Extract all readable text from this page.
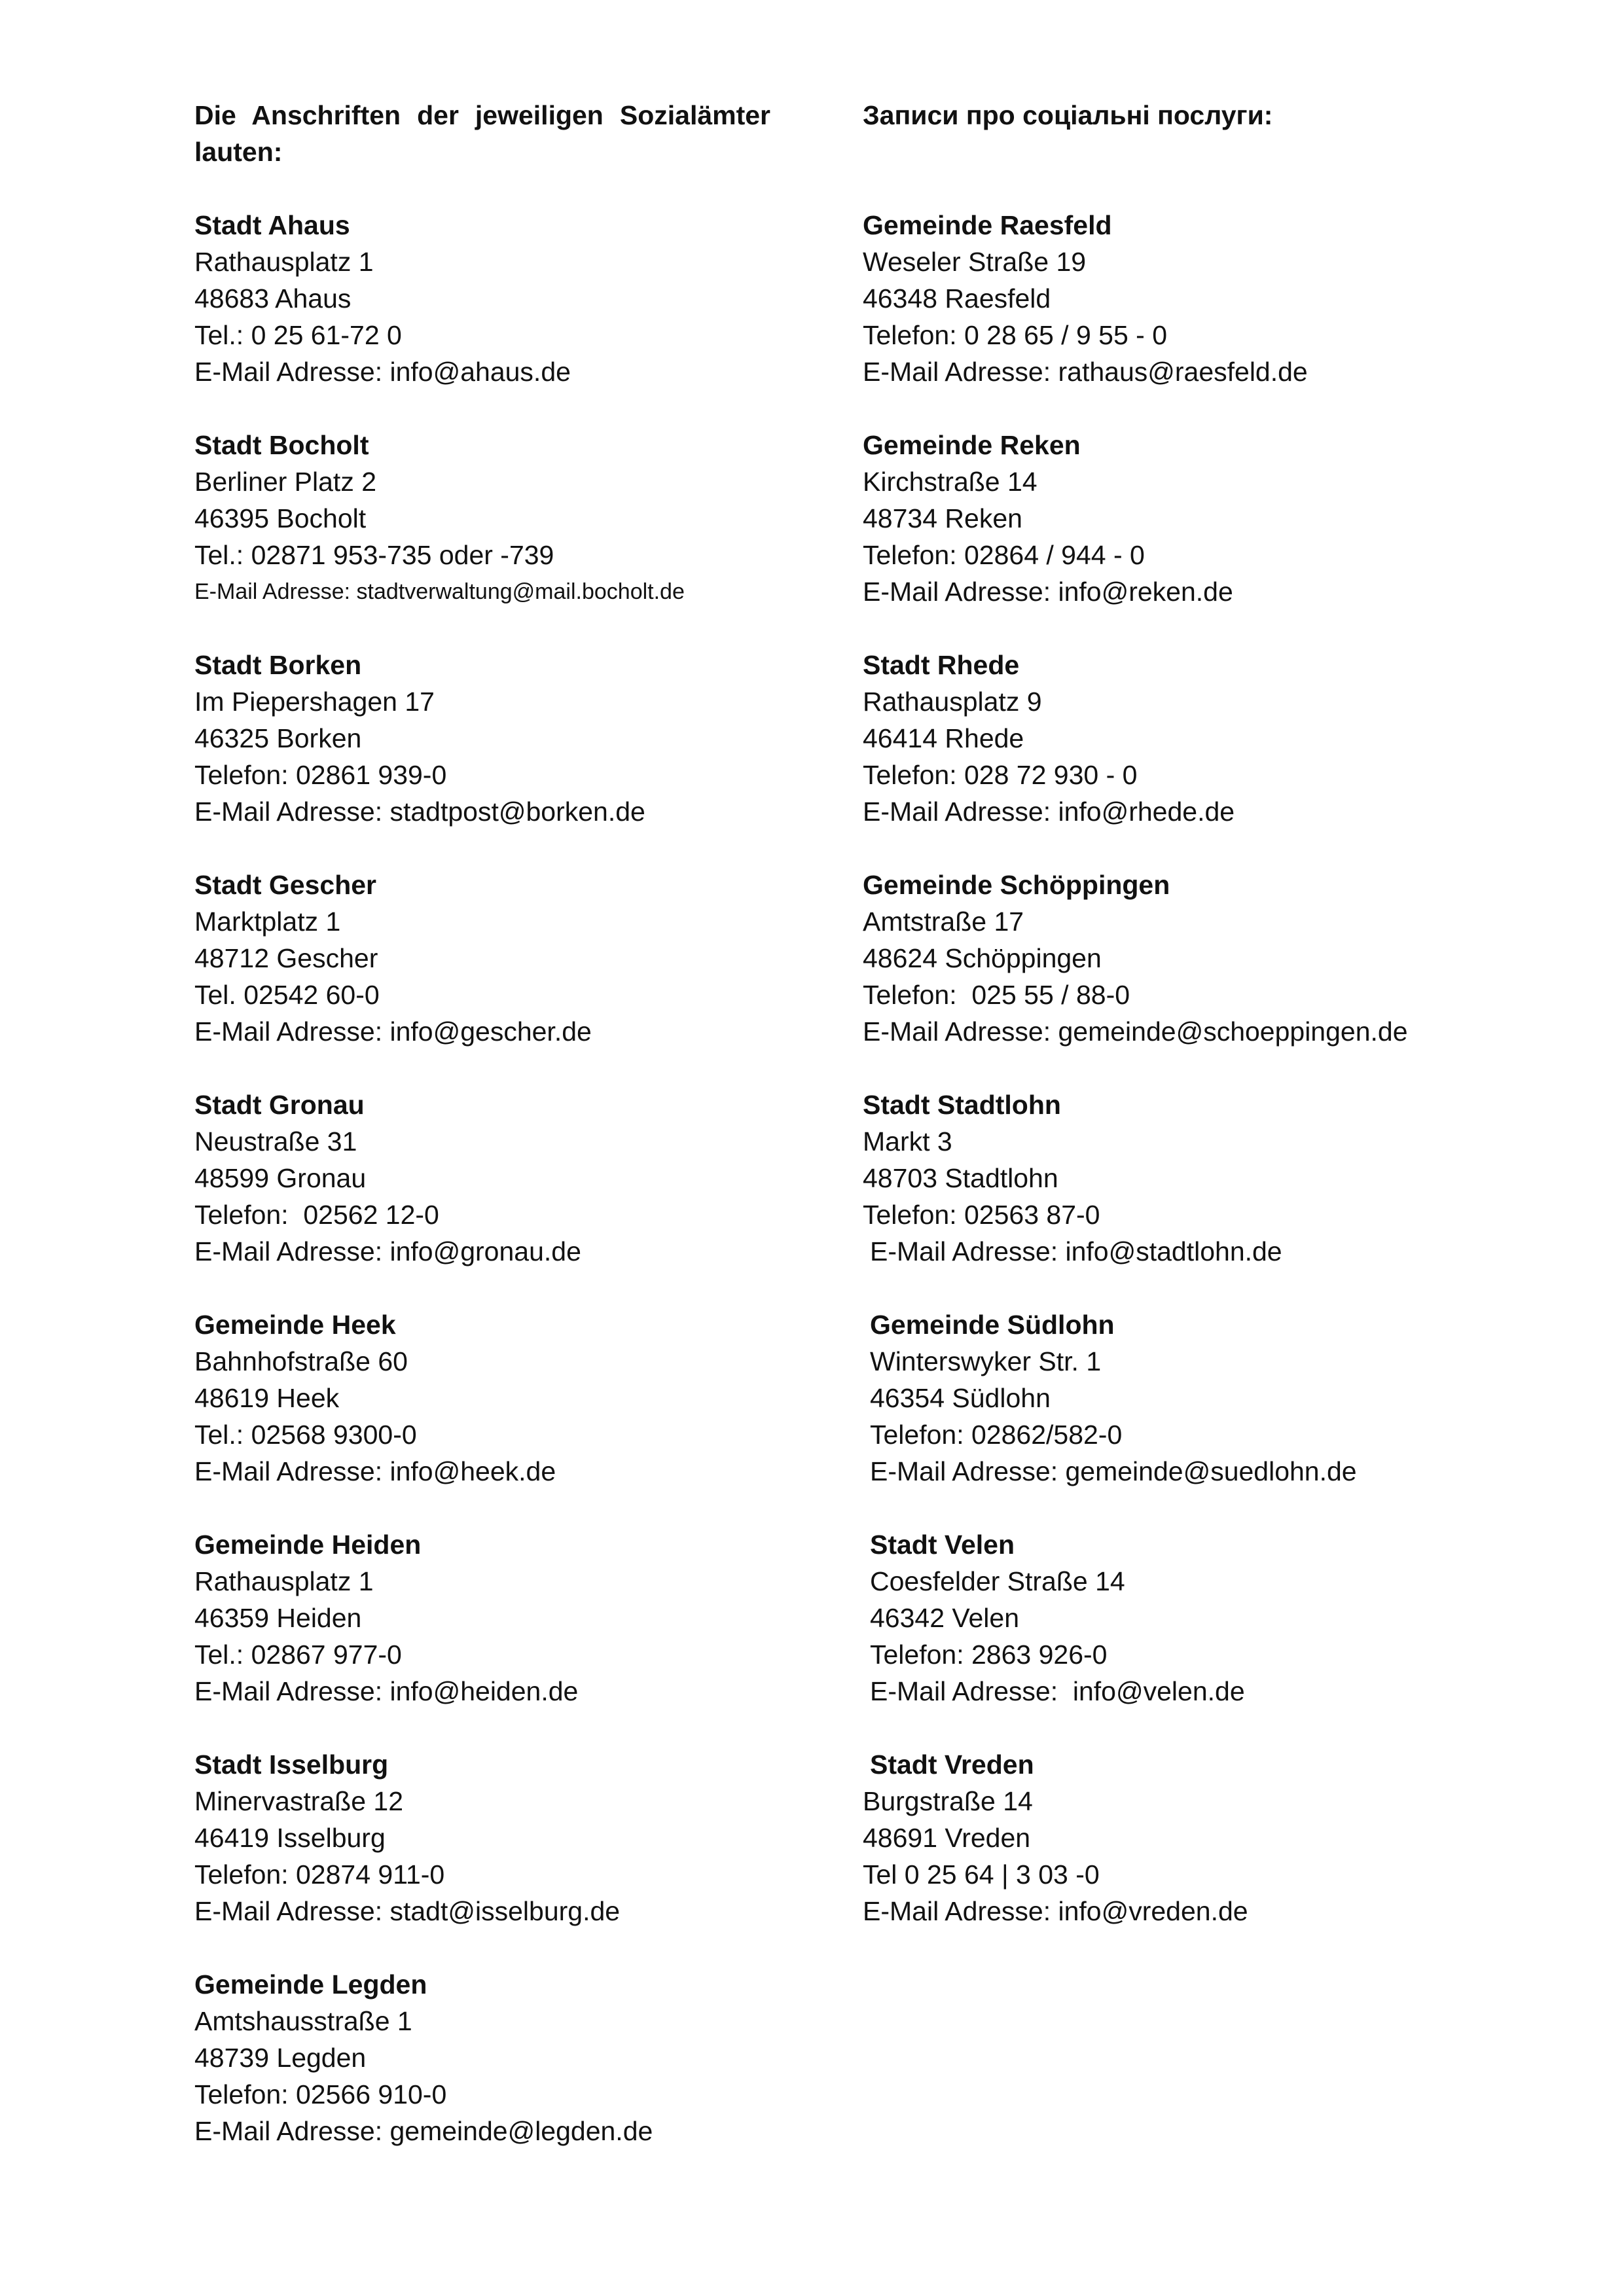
Die Anschriften der jeweiligen Sozialämter lauten:

Stadt Ahaus

Rathausplatz 1

48683 Ahaus

Tel.: 0 25 61-72 0

E-Mail Adresse: info@ahaus.de

Stadt Bocholt

Berliner Platz 2

46395 Bocholt

Tel.: 02871 953-735 oder -739

E-Mail Adresse: stadtverwaltung@mail.bocholt.de

Stadt Borken

Im Piepershagen 17

46325 Borken

Telefon: 02861 939-0

E-Mail Adresse: stadtpost@borken.de

Stadt Gescher

Marktplatz 1

48712 Gescher

Tel. 02542 60-0

E-Mail Adresse: info@gescher.de

Stadt Gronau

Neustraße 31

48599 Gronau

Telefon:  02562 12-0

E-Mail Adresse: info@gronau.de

Gemeinde Heek

Bahnhofstraße 60

48619 Heek

Tel.: 02568 9300-0

E-Mail Adresse: info@heek.de

Gemeinde Heiden

Rathausplatz 1

46359 Heiden

Tel.: 02867 977-0

E-Mail Adresse: info@heiden.de

Stadt Isselburg

Minervastraße 12

46419 Isselburg

Telefon: 02874 911-0

E-Mail Adresse: stadt@isselburg.de

Gemeinde Legden

Amtshausstraße 1

48739 Legden

Telefon: 02566 910-0

E-Mail Adresse: gemeinde@legden.de

Записи про соціальні послуги:

Gemeinde Raesfeld

Weseler Straße 19

46348 Raesfeld

Telefon: 0 28 65 / 9 55 - 0

E-Mail Adresse: rathaus@raesfeld.de

Gemeinde Reken

Kirchstraße 14

48734 Reken

Telefon: 02864 / 944 - 0

E-Mail Adresse: info@reken.de

Stadt Rhede

Rathausplatz 9

46414 Rhede

Telefon: 028 72 930 - 0

E-Mail Adresse: info@rhede.de

Gemeinde Schöppingen

Amtstraße 17

48624 Schöppingen

Telefon:  025 55 / 88-0

E-Mail Adresse: gemeinde@schoeppingen.de

Stadt Stadtlohn

Markt 3

48703 Stadtlohn

Telefon: 02563 87-0

E-Mail Adresse: info@stadtlohn.de

Gemeinde Südlohn

Winterswyker Str. 1

46354 Südlohn

Telefon: 02862/582-0

E-Mail Adresse: gemeinde@suedlohn.de

Stadt Velen

Coesfelder Straße 14

46342 Velen

Telefon: 2863 926-0

E-Mail Adresse:  info@velen.de

Stadt Vreden

Burgstraße 14

48691 Vreden

Tel 0 25 64 | 3 03 -0

E-Mail Adresse: info@vreden.de
